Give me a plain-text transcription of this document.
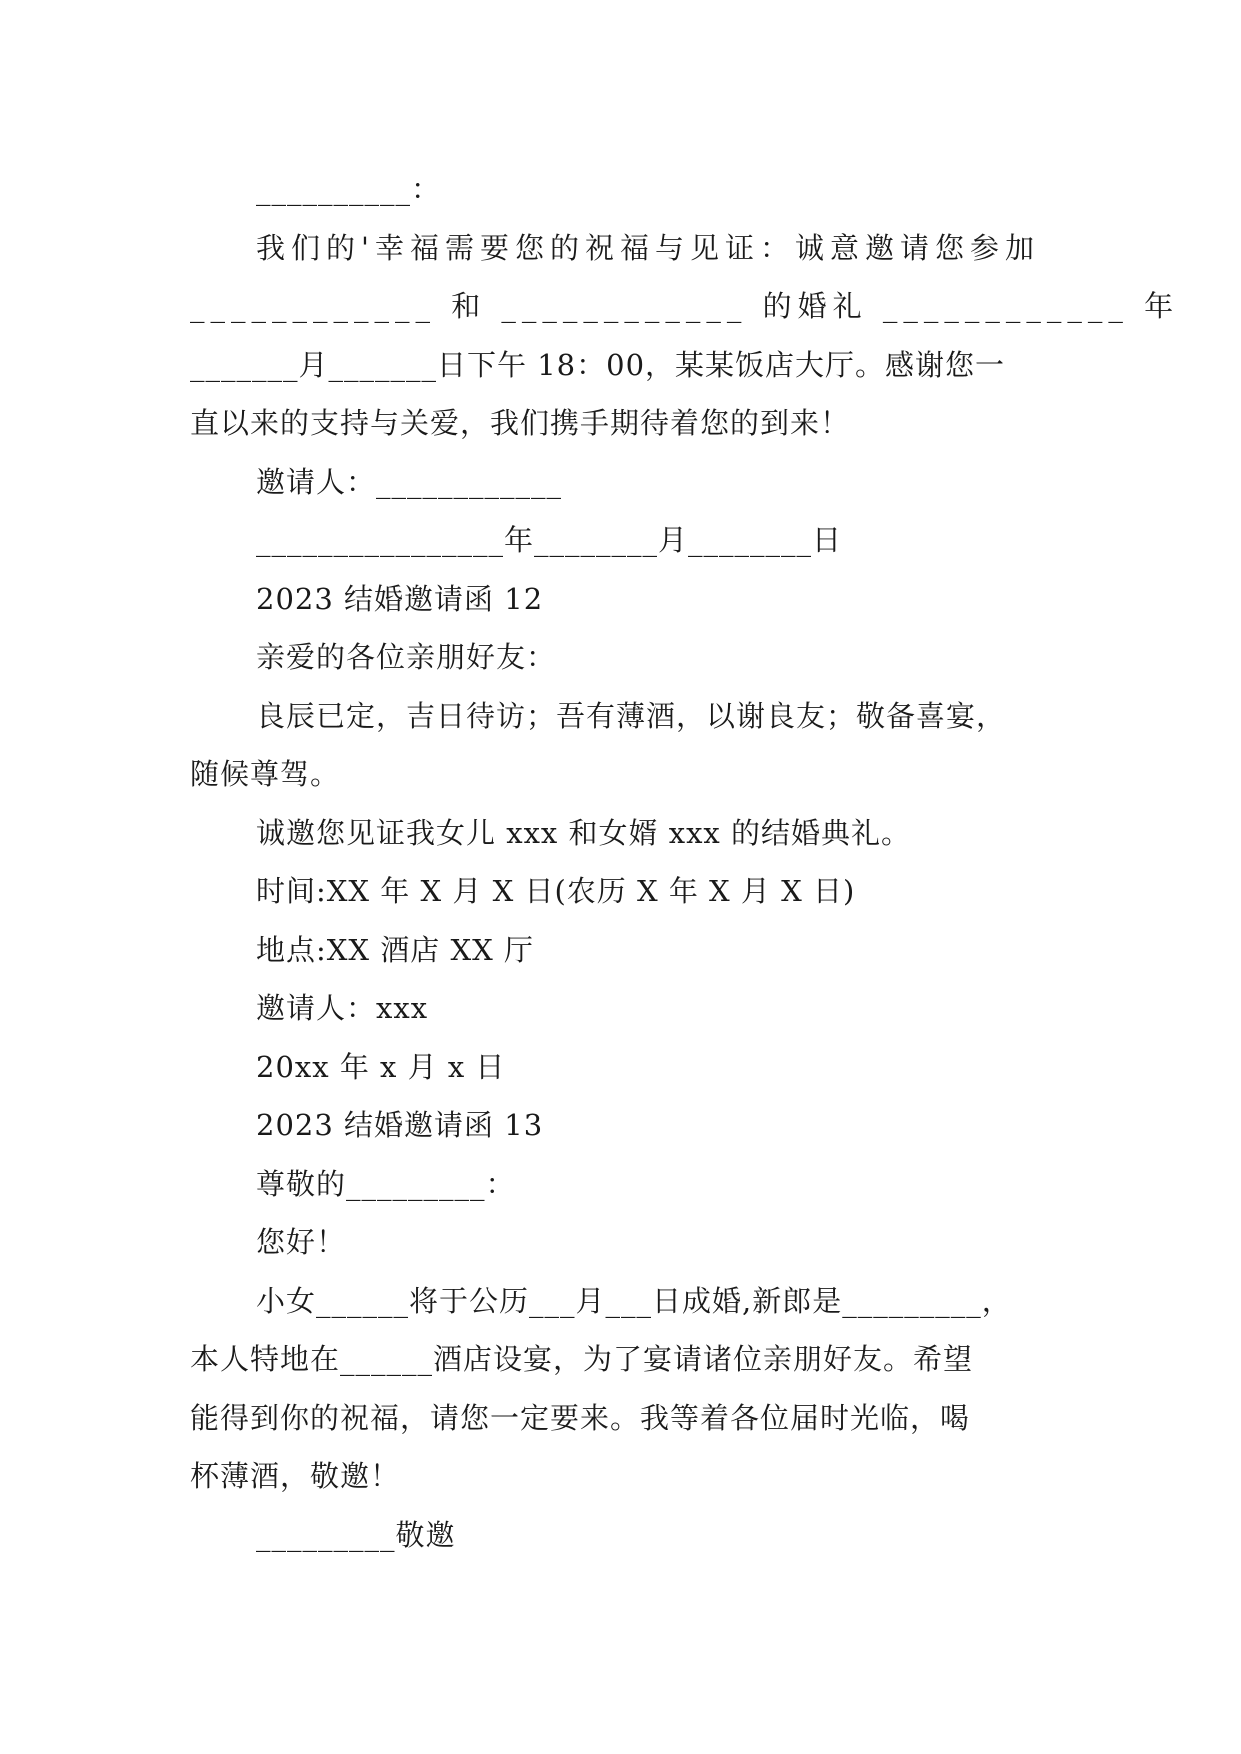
__________：
我们的'幸福需要您的祝福与见证：诚意邀请您参加
____________ 和 ____________ 的婚礼 ____________ 年
_______月_______日下午 18：00，某某饭店大厅。感谢您一
直以来的支持与关爱，我们携手期待着您的到来！
邀请人：____________
________________年________月________日
2023 结婚邀请函 12
亲爱的各位亲朋好友：
良辰已定，吉日待访；吾有薄酒，以谢良友；敬备喜宴，
随候尊驾。
诚邀您见证我女儿 xxx 和女婿 xxx 的结婚典礼。
时间:XX 年 X 月 X 日(农历 X 年 X 月 X 日)
地点:XX 酒店 XX 厅
邀请人：xxx
20xx 年 x 月 x 日
2023 结婚邀请函 13
尊敬的_________：
您好！
小女______将于公历___月___日成婚,新郎是_________，
本人特地在______酒店设宴，为了宴请诸位亲朋好友。希望
能得到你的祝福，请您一定要来。我等着各位届时光临，喝
杯薄酒，敬邀！
_________敬邀
